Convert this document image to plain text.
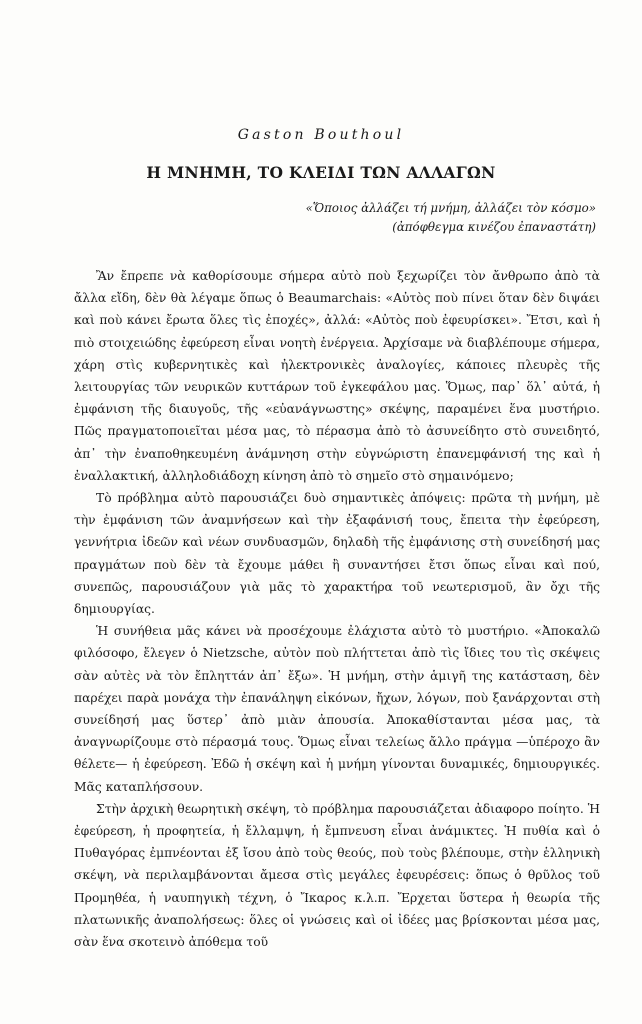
Gaston Bouthoul
Η ΜΝΗΜΗ, ΤΟ ΚΛΕΙΔΙ ΤΩΝ ΑΛΛΑΓΩΝ
«Ὅποιος ἀλλάζει τή μνήμη, ἀλλάζει τὸν κόσμο»
(ἀπόφθεγμα κινέζου ἐπαναστάτη)

Ἂν ἔπρεπε νὰ καθορίσουμε σήμερα αὐτὸ ποὺ ξεχωρίζει τὸν ἄνθρωπο ἀπὸ τὰ ἄλλα εἴδη, δὲν θὰ λέγαμε ὅπως ὁ Beaumarchais: «Αὐτὸς ποὺ πίνει ὅταν δὲν διψάει καὶ ποὺ κάνει ἔρωτα ὅλες τὶς ἐποχές», ἀλλά: «Αὐτὸς ποὺ ἐφευρίσκει». Ἔτσι, καὶ ἡ πιὸ στοιχειώδης ἐφεύρεση εἶναι νοητὴ ἐνέργεια. Ἀρχίσαμε νὰ διαβλέπουμε σήμερα, χάρη στὶς κυβερνητικὲς καὶ ἠλεκτρονικὲς ἀναλογίες, κάποιες πλευρὲς τῆς λειτουργίας τῶν νευρικῶν κυττάρων τοῦ ἐγκεφάλου μας. Ὅμως, παρ᾽ ὅλ᾽ αὐτά, ἡ ἐμφάνιση τῆς διαυγοῦς, τῆς «εὐανάγνωστης» σκέψης, παραμένει ἕνα μυστήριο. Πῶς πραγματοποιεῖται μέσα μας, τὸ πέρασμα ἀπὸ τὸ ἀσυνείδητο στὸ συνειδητό, ἀπ᾽ τὴν ἐναποθηκευμένη ἀνάμνηση στὴν εὐγνώριστη ἐπανεμφάνισή της καὶ ἡ ἐναλλακτική, ἀλληλοδιάδοχη κίνηση ἀπὸ τὸ σημεῖο στὸ σημαινόμενο;

Τὸ πρόβλημα αὐτὸ παρουσιάζει δυὸ σημαντικὲς ἀπόψεις: πρῶτα τὴ μνήμη, μὲ τὴν ἐμφάνιση τῶν ἀναμνήσεων καὶ τὴν ἐξαφάνισή τους, ἔπειτα τὴν ἐφεύρεση, γεννήτρια ἰδεῶν καὶ νέων συνδυασμῶν, δηλαδὴ τῆς ἐμφάνισης στὴ συνείδησή μας πραγμάτων ποὺ δὲν τὰ ἔχουμε μάθει ἢ συναντήσει ἔτσι ὅπως εἶναι καὶ πού, συνεπῶς, παρουσιάζουν γιὰ μᾶς τὸ χαρακτήρα τοῦ νεωτερισμοῦ, ἂν ὄχι τῆς δημιουργίας.

Ἡ συνήθεια μᾶς κάνει νὰ προσέχουμε ἐλάχιστα αὐτὸ τὸ μυστήριο. «Ἀποκαλῶ φιλόσοφο, ἔλεγεν ὁ Nietzsche, αὐτὸν ποὺ πλήττεται ἀπὸ τὶς ἴδιες του τὶς σκέψεις σὰν αὐτὲς νὰ τὸν ἔπληττάν ἀπ᾽ ἔξω». Ἡ μνήμη, στὴν ἁμιγῆ της κατάσταση, δὲν παρέχει παρὰ μονάχα τὴν ἐπανάληψη εἰκόνων, ἤχων, λόγων, ποὺ ξανάρχονται στὴ συνείδησή μας ὕστερ᾽ ἀπὸ μιὰν ἀπουσία. Ἀποκαθίστανται μέσα μας, τὰ ἀναγνωρίζουμε στὸ πέρασμά τους. Ὅμως εἶναι τελείως ἄλλο πράγμα —ὑπέροχο ἂν θέλετε— ἡ ἐφεύρεση. Ἐδῶ ἡ σκέψη καὶ ἡ μνήμη γίνονται δυναμικές, δημιουργικές. Μᾶς καταπλήσσουν.

Στὴν ἀρχικὴ θεωρητικὴ σκέψη, τὸ πρόβλημα παρουσιάζεται ἀδιαφορο ποίητο. Ἡ ἐφεύρεση, ἡ προφητεία, ἡ ἔλλαμψη, ἡ ἔμπνευση εἶναι ἀνάμικτες. Ἡ πυθία καὶ ὁ Πυθαγόρας ἐμπνέονται ἐξ ἴσου ἀπὸ τοὺς θεούς, ποὺ τοὺς βλέπουμε, στὴν ἑλληνικὴ σκέψη, νὰ περιλαμβάνονται ἄμεσα στὶς μεγάλες ἐφευρέσεις: ὅπως ὁ θρῦλος τοῦ Προμηθέα, ἡ ναυπηγικὴ τέχνη, ὁ Ἴκαρος κ.λ.π. Ἔρχεται ὕστερα ἡ θεωρία τῆς πλατωνικῆς ἀναπολήσεως: ὅλες οἱ γνώσεις καὶ οἱ ἰδέες μας βρίσκονται μέσα μας, σὰν ἕνα σκοτεινὸ ἀπόθεμα τοῦ
